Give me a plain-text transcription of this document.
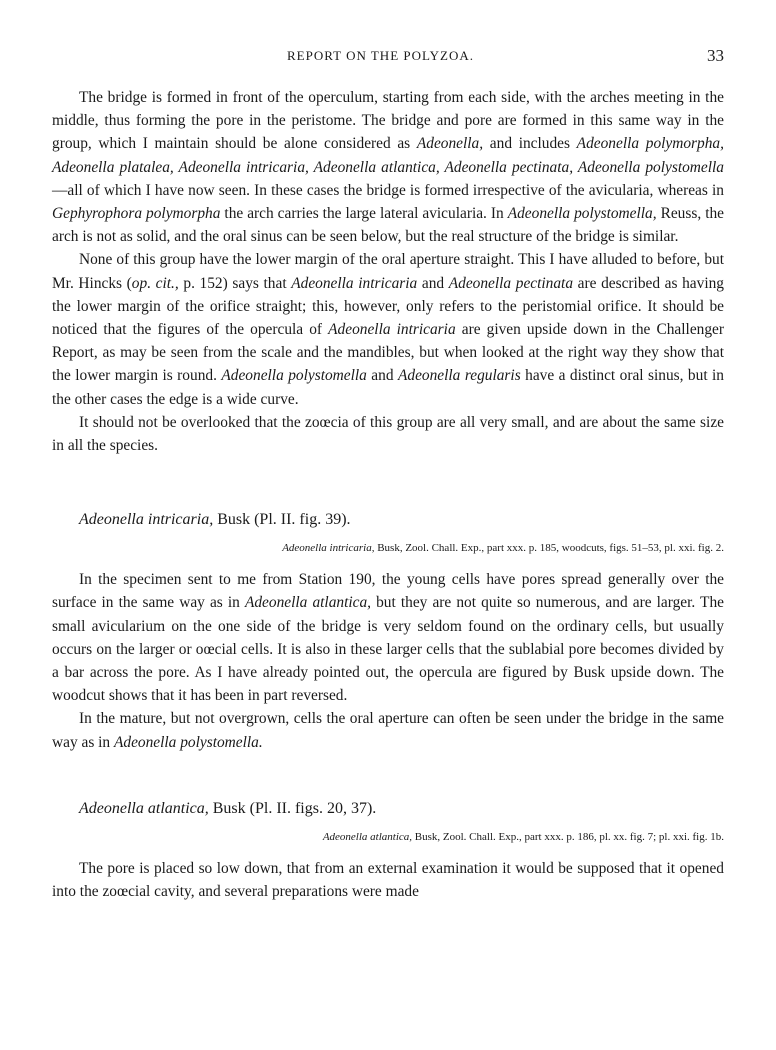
REPORT ON THE POLYZOA.	33

The bridge is formed in front of the operculum, starting from each side, with the arches meeting in the middle, thus forming the pore in the peristome. The bridge and pore are formed in this same way in the group, which I maintain should be alone considered as Adeonella, and includes Adeonella polymorpha, Adeonella platalea, Adeonella intricaria, Adeonella atlantica, Adeonella pectinata, Adeonella polystomella—all of which I have now seen. In these cases the bridge is formed irrespective of the avicularia, whereas in Gephyrophora polymorpha the arch carries the large lateral avicularia. In Adeonella polystomella, Reuss, the arch is not as solid, and the oral sinus can be seen below, but the real structure of the bridge is similar.

None of this group have the lower margin of the oral aperture straight. This I have alluded to before, but Mr. Hincks (op. cit., p. 152) says that Adeonella intricaria and Adeonella pectinata are described as having the lower margin of the orifice straight; this, however, only refers to the peristomial orifice. It should be noticed that the figures of the opercula of Adeonella intricaria are given upside down in the Challenger Report, as may be seen from the scale and the mandibles, but when looked at the right way they show that the lower margin is round. Adeonella polystomella and Adeonella regularis have a distinct oral sinus, but in the other cases the edge is a wide curve.

It should not be overlooked that the zoœcia of this group are all very small, and are about the same size in all the species.

Adeonella intricaria, Busk (Pl. II. fig. 39).
Adeonella intricaria, Busk, Zool. Chall. Exp., part xxx. p. 185, woodcuts, figs. 51–53, pl. xxi. fig. 2.

In the specimen sent to me from Station 190, the young cells have pores spread generally over the surface in the same way as in Adeonella atlantica, but they are not quite so numerous, and are larger. The small avicularium on the one side of the bridge is very seldom found on the ordinary cells, but usually occurs on the larger or oœcial cells. It is also in these larger cells that the sublabial pore becomes divided by a bar across the pore. As I have already pointed out, the opercula are figured by Busk upside down. The woodcut shows that it has been in part reversed.

In the mature, but not overgrown, cells the oral aperture can often be seen under the bridge in the same way as in Adeonella polystomella.

Adeonella atlantica, Busk (Pl. II. figs. 20, 37).
Adeonella atlantica, Busk, Zool. Chall. Exp., part xxx. p. 186, pl. xx. fig. 7; pl. xxi. fig. 1b.

The pore is placed so low down, that from an external examination it would be supposed that it opened into the zoœcial cavity, and several preparations were made
